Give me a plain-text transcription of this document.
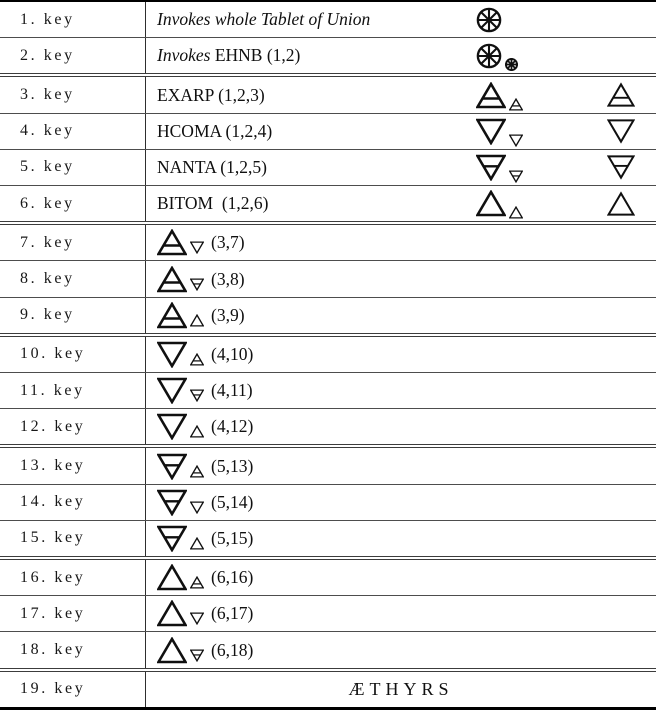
1. key	Invokes whole Tablet of Union
2. key	Invokes EHNB (1,2)
3. key	EXARP (1,2,3)
4. key	HCOMA (1,2,4)
5. key	NANTA (1,2,5)
6. key	BITOM  (1,2,6)
7. key	(3,7)
8. key	(3,8)
9. key	(3,9)
10. key	(4,10)
11. key	(4,11)
12. key	(4,12)
13. key	(5,13)
14. key	(5,14)
15. key	(5,15)
16. key	(6,16)
17. key	(6,17)
18. key	(6,18)
19. key	ÆTHYRS
